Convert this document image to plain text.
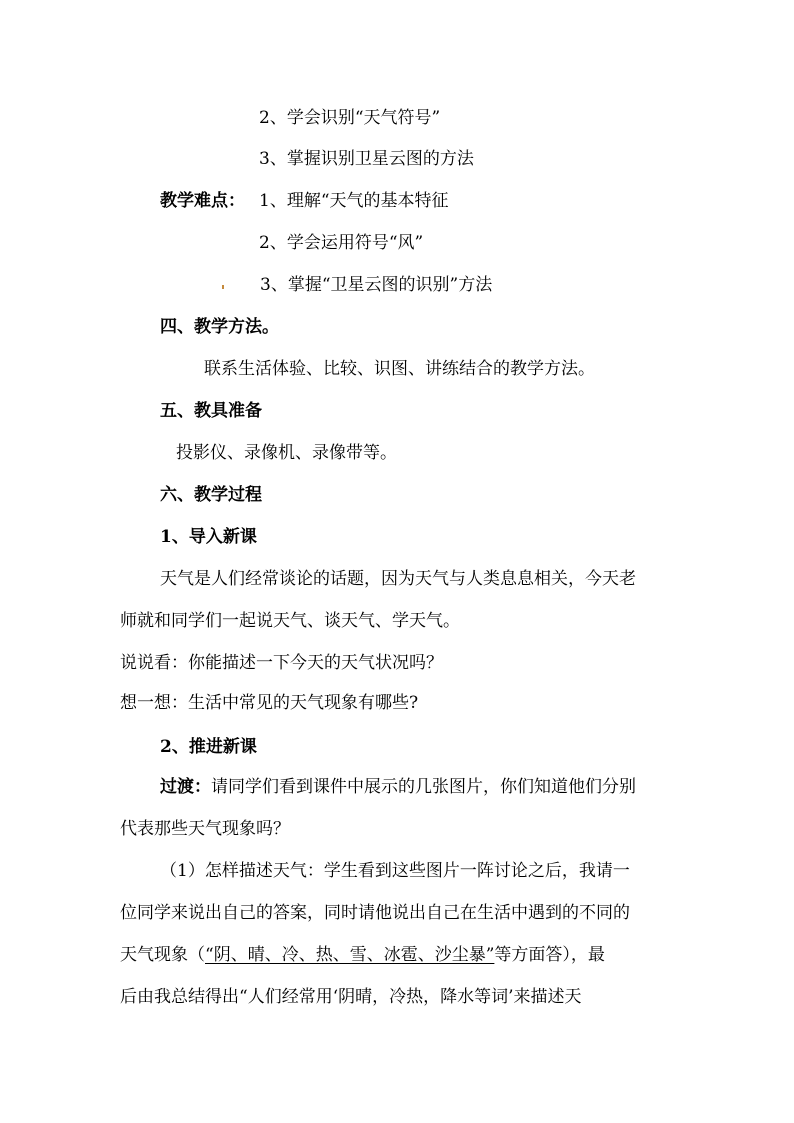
2、学会识别“天气符号”
3、掌握识别卫星云图的方法
教学难点： 1、理解“天气的基本特征
2、学会运用符号“风”
3、掌握“卫星云图的识别”方法
四、教学方法。
联系生活体验、比较、识图、讲练结合的教学方法。
五、教具准备
投影仪、录像机、录像带等。
六、教学过程
1、导入新课
天气是人们经常谈论的话题，因为天气与人类息息相关，今天老
师就和同学们一起说天气、谈天气、学天气。
说说看：你能描述一下今天的天气状况吗？
想一想：生活中常见的天气现象有哪些?
2、推进新课
过渡：请同学们看到课件中展示的几张图片，你们知道他们分别
代表那些天气现象吗？
（1）怎样描述天气：学生看到这些图片一阵讨论之后，我请一
位同学来说出自己的答案，同时请他说出自己在生活中遇到的不同的
天气现象（“阴、晴、冷、热、雪、冰雹、沙尘暴”等方面答），最
后由我总结得出“人们经常用‘阴晴，冷热，降水等词’来描述天
